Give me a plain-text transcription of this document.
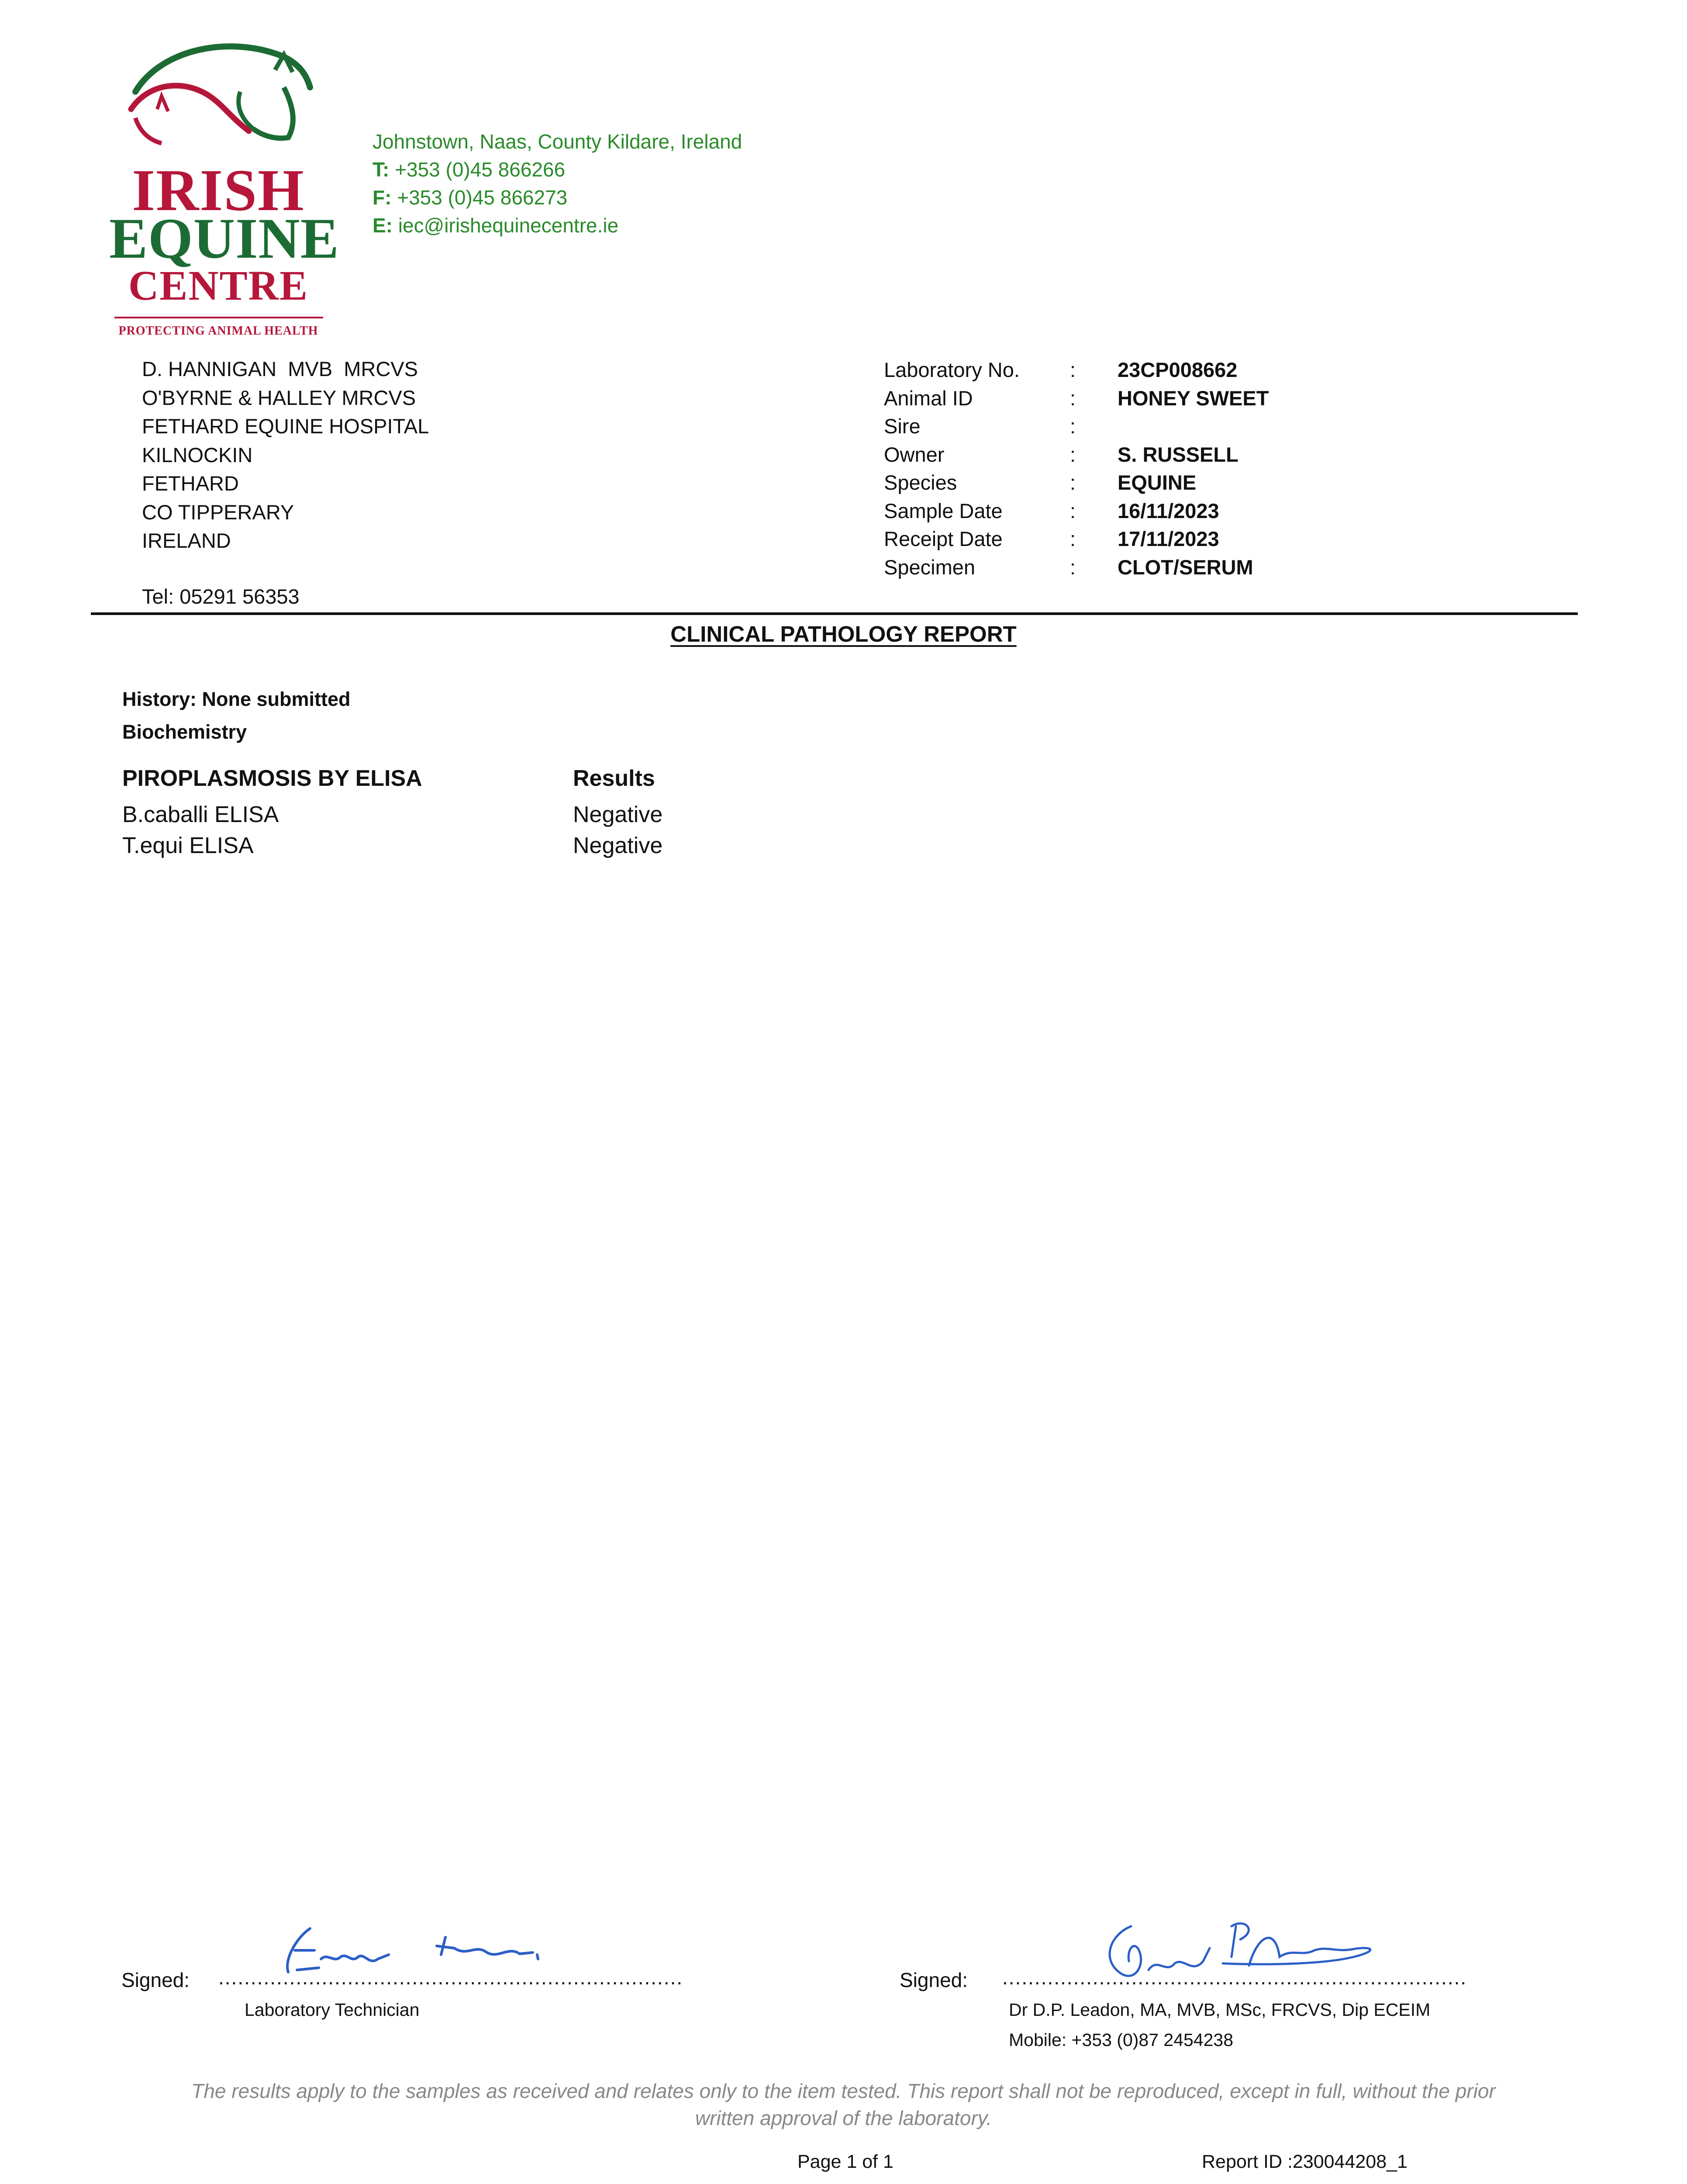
IRISH
EQUINE
CENTRE
PROTECTING ANIMAL HEALTH
Johnstown, Naas, County Kildare, Ireland
T: +353 (0)45 866266
F: +353 (0)45 866273
E: iec@irishequinecentre.ie
D. HANNIGAN  MVB  MRCVS
O'BYRNE & HALLEY MRCVS
FETHARD EQUINE HOSPITAL
KILNOCKIN
FETHARD
CO TIPPERARY
IRELAND
Tel: 05291 56353
Laboratory No. : 23CP008662
Animal ID	: HONEY SWEET
Sire	:
Owner	: S. RUSSELL
Species	: EQUINE
Sample Date	: 16/11/2023
Receipt Date	: 17/11/2023
Specimen	: CLOT/SERUM
CLINICAL PATHOLOGY REPORT
History: None submitted
Biochemistry
PIROPLASMOSIS BY ELISA	Results
B.caballi ELISA	Negative
T.equi ELISA	Negative
Signed: ........................................................................
Laboratory Technician
Signed: ........................................................................
Dr D.P. Leadon, MA, MVB, MSc, FRCVS, Dip ECEIM
Mobile: +353 (0)87 2454238
The results apply to the samples as received and relates only to the item tested. This report shall not be reproduced, except in full, without the prior written approval of the laboratory.
Page 1 of 1	Report ID :230044208_1
